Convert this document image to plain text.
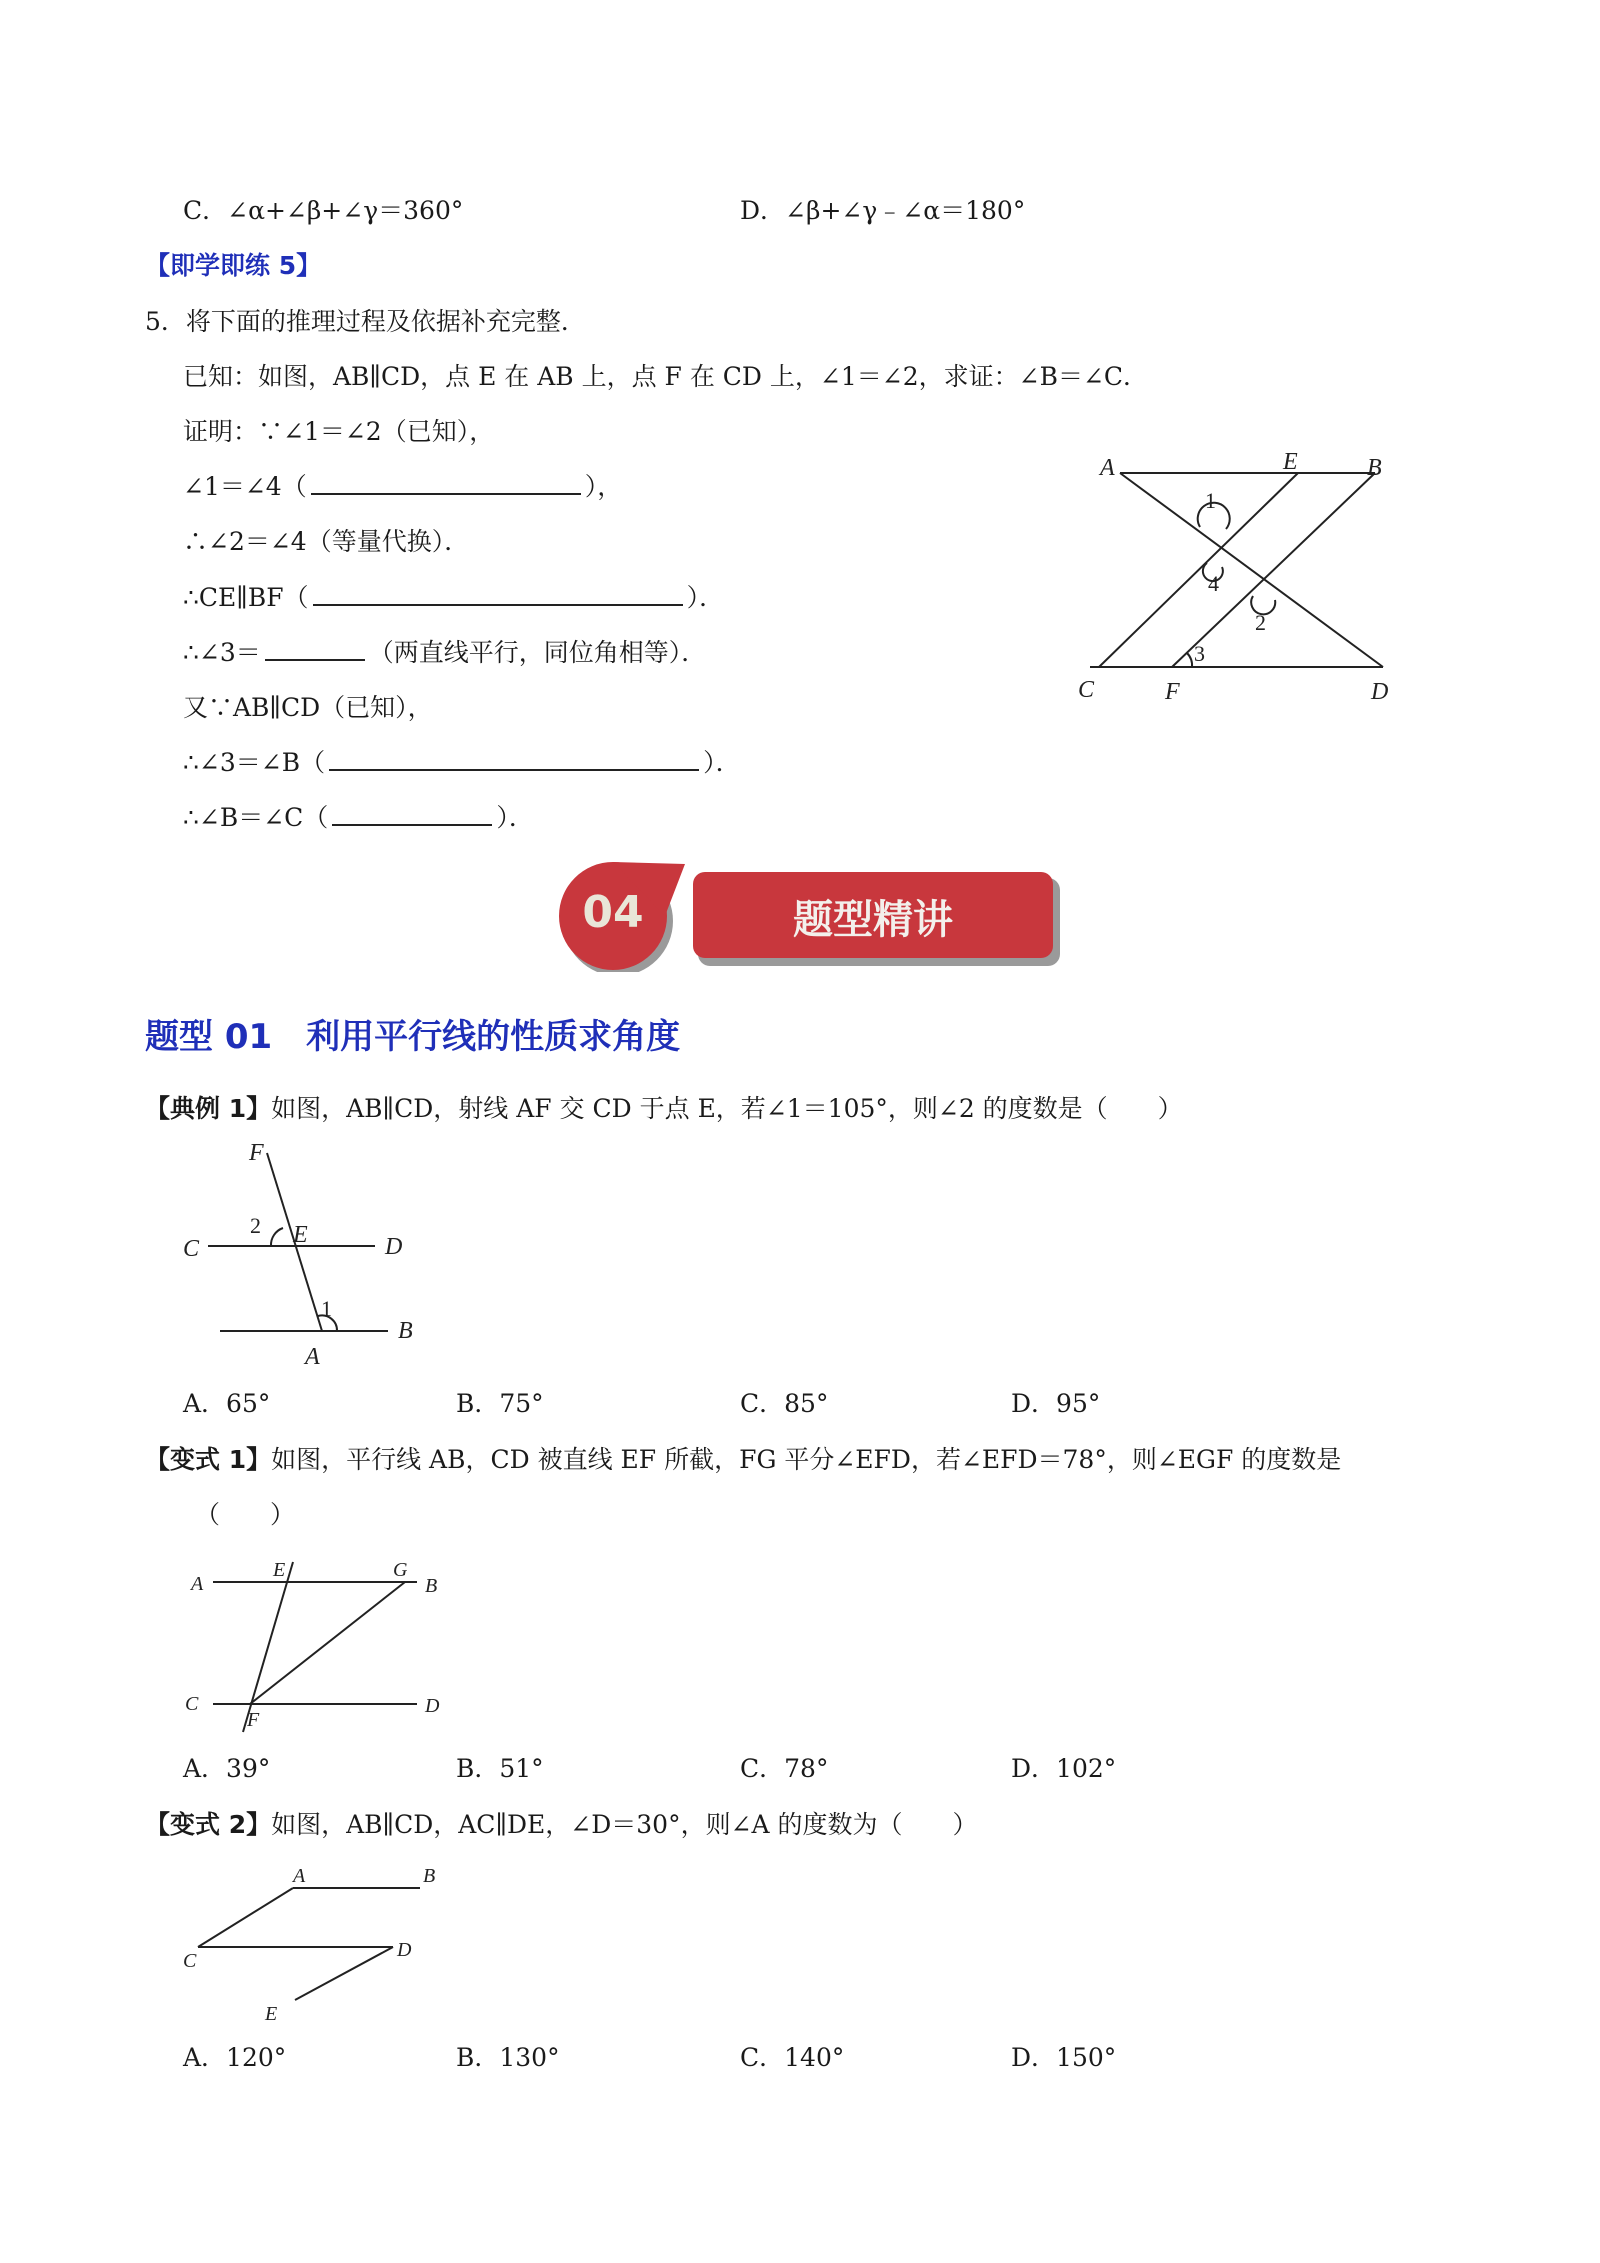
C．∠α+∠β+∠γ＝360°	D．∠β+∠γ﹣∠α＝180°
【即学即练 5】
5．将下面的推理过程及依据补充完整．
已知：如图，AB∥CD，点 E 在 AB 上，点 F 在 CD 上，∠1＝∠2，求证：∠B＝∠C．
证明：∵∠1＝∠2（已知），
∠1＝∠4（	），
∴∠2＝∠4（等量代换）．
∴CE∥BF（	）．
∴∠3＝	（两直线平行，同位角相等）．
又∵AB∥CD（已知），
∴∠3＝∠B（	）．
∴∠B＝∠C（	）．
A	E	B
C	F	D
1
4
2
3
04	题型精讲
题型 01　利用平行线的性质求角度
【典例 1】如图，AB∥CD，射线 AF 交 CD 于点 E，若∠1＝105°，则∠2 的度数是（　　）
F
C
E	D
A
B
2
1
A．65°	B．75°	C．85°	D．95°
【变式 1】如图，平行线 AB，CD 被直线 EF 所截，FG 平分∠EFD，若∠EFD＝78°，则∠EGF 的度数是
（　　）
A
E	G
B
C
F
D
A．39°	B．51°	C．78°	D．102°
【变式 2】如图，AB∥CD，AC∥DE，∠D＝30°，则∠A 的度数为（　　）
A	B
C	D
E
A．120°	B．130°	C．140°	D．150°
